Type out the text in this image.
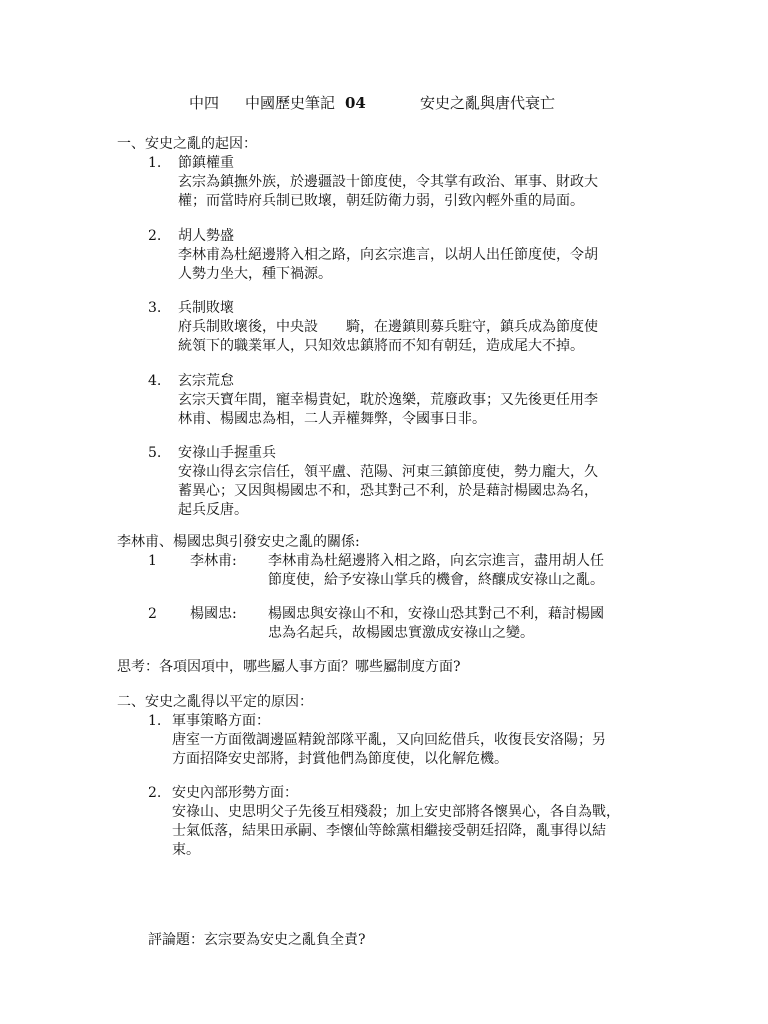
中四 中國歷史筆記 04	安史之亂與唐代衰亡
一、安史之亂的起因：
1. 節鎮權重
玄宗為鎮撫外族，於邊疆設十節度使，令其掌有政治、軍事、財政大
權；而當時府兵制已敗壞，朝廷防衛力弱，引致內輕外重的局面。
2. 胡人勢盛
李林甫為杜絕邊將入相之路，向玄宗進言，以胡人出任節度使，令胡
人勢力坐大，種下禍源。
3. 兵制敗壞
府兵制敗壞後，中央設　　騎，在邊鎮則募兵駐守，鎮兵成為節度使
統領下的職業軍人，只知效忠鎮將而不知有朝廷，造成尾大不掉。
4. 玄宗荒怠
玄宗天寶年間，寵幸楊貴妃，耽於逸樂，荒廢政事；又先後更任用李
林甫、楊國忠為相，二人弄權舞弊，令國事日非。
5. 安祿山手握重兵
安祿山得玄宗信任，領平盧、范陽、河東三鎮節度使，勢力龐大，久
蓄異心；又因與楊國忠不和，恐其對己不利，於是藉討楊國忠為名，
起兵反唐。
李林甫、楊國忠與引發安史之亂的關係:
1 李林甫: 李林甫為杜絕邊將入相之路，向玄宗進言，盡用胡人任
節度使，給予安祿山掌兵的機會，終釀成安祿山之亂。
2 楊國忠: 楊國忠與安祿山不和，安祿山恐其對己不利，藉討楊國
忠為名起兵，故楊國忠實激成安祿山之變。
思考：各項因項中，哪些屬人事方面？哪些屬制度方面?
二、安史之亂得以平定的原因：
1. 軍事策略方面：
唐室一方面徵調邊區精銳部隊平亂，又向回紇借兵，收復長安洛陽；另
方面招降安史部將，封賞他們為節度使，以化解危機。
2. 安史內部形勢方面：
安祿山、史思明父子先後互相殘殺；加上安史部將各懷異心，各自為戰，
士氣低落，結果田承嗣、李懷仙等餘黨相繼接受朝廷招降，亂事得以結
束。
評論題：玄宗要為安史之亂負全責?
